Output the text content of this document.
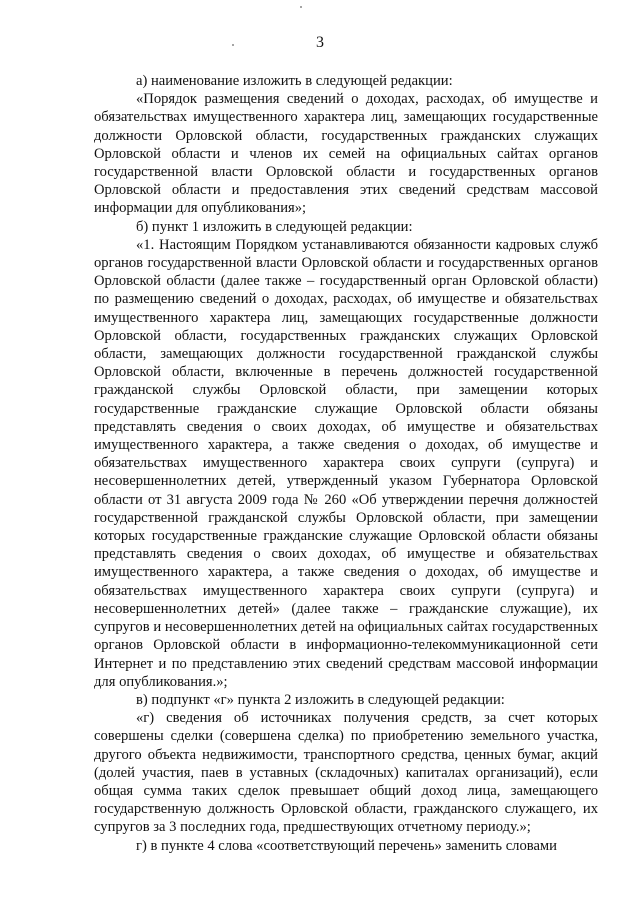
3

а) наименование изложить в следующей редакции:

«Порядок размещения сведений о доходах, расходах, об имуществе и обязательствах имущественного характера лиц, замещающих государственные должности Орловской области, государственных гражданских служащих Орловской области и членов их семей на официальных сайтах органов государственной власти Орловской области и государственных органов Орловской области и предоставления этих сведений средствам массовой информации для опубликования»;

б) пункт 1 изложить в следующей редакции:

«1. Настоящим Порядком устанавливаются обязанности кадровых служб органов государственной власти Орловской области и государственных органов Орловской области (далее также – государственный орган Орловской области) по размещению сведений о доходах, расходах, об имуществе и обязательствах имущественного характера лиц, замещающих государственные должности Орловской области, государственных гражданских служащих Орловской области, замещающих должности государственной гражданской службы Орловской области, включенные в перечень должностей государственной гражданской службы Орловской области, при замещении которых государственные гражданские служащие Орловской области обязаны представлять сведения о своих доходах, об имуществе и обязательствах имущественного характера, а также сведения о доходах, об имуществе и обязательствах имущественного характера своих супруги (супруга) и несовершеннолетних детей, утвержденный указом Губернатора Орловской области от 31 августа 2009 года № 260 «Об утверждении перечня должностей государственной гражданской службы Орловской области, при замещении которых государственные гражданские служащие Орловской области обязаны представлять сведения о своих доходах, об имуществе и обязательствах имущественного характера, а также сведения о доходах, об имуществе и обязательствах имущественного характера своих супруги (супруга) и несовершеннолетних детей» (далее также – гражданские служащие), их супругов и несовершеннолетних детей на официальных сайтах государственных органов Орловской области в информационно-телекоммуникационной сети Интернет и по представлению этих сведений средствам массовой информации для опубликования.»;

в) подпункт «г» пункта 2 изложить в следующей редакции:

«г) сведения об источниках получения средств, за счет которых совершены сделки (совершена сделка) по приобретению земельного участка, другого объекта недвижимости, транспортного средства, ценных бумаг, акций (долей участия, паев в уставных (складочных) капиталах организаций), если общая сумма таких сделок превышает общий доход лица, замещающего государственную должность Орловской области, гражданского служащего, их супругов за 3 последних года, предшествующих отчетному периоду.»;

г) в пункте 4 слова «соответствующий перечень» заменить словами
